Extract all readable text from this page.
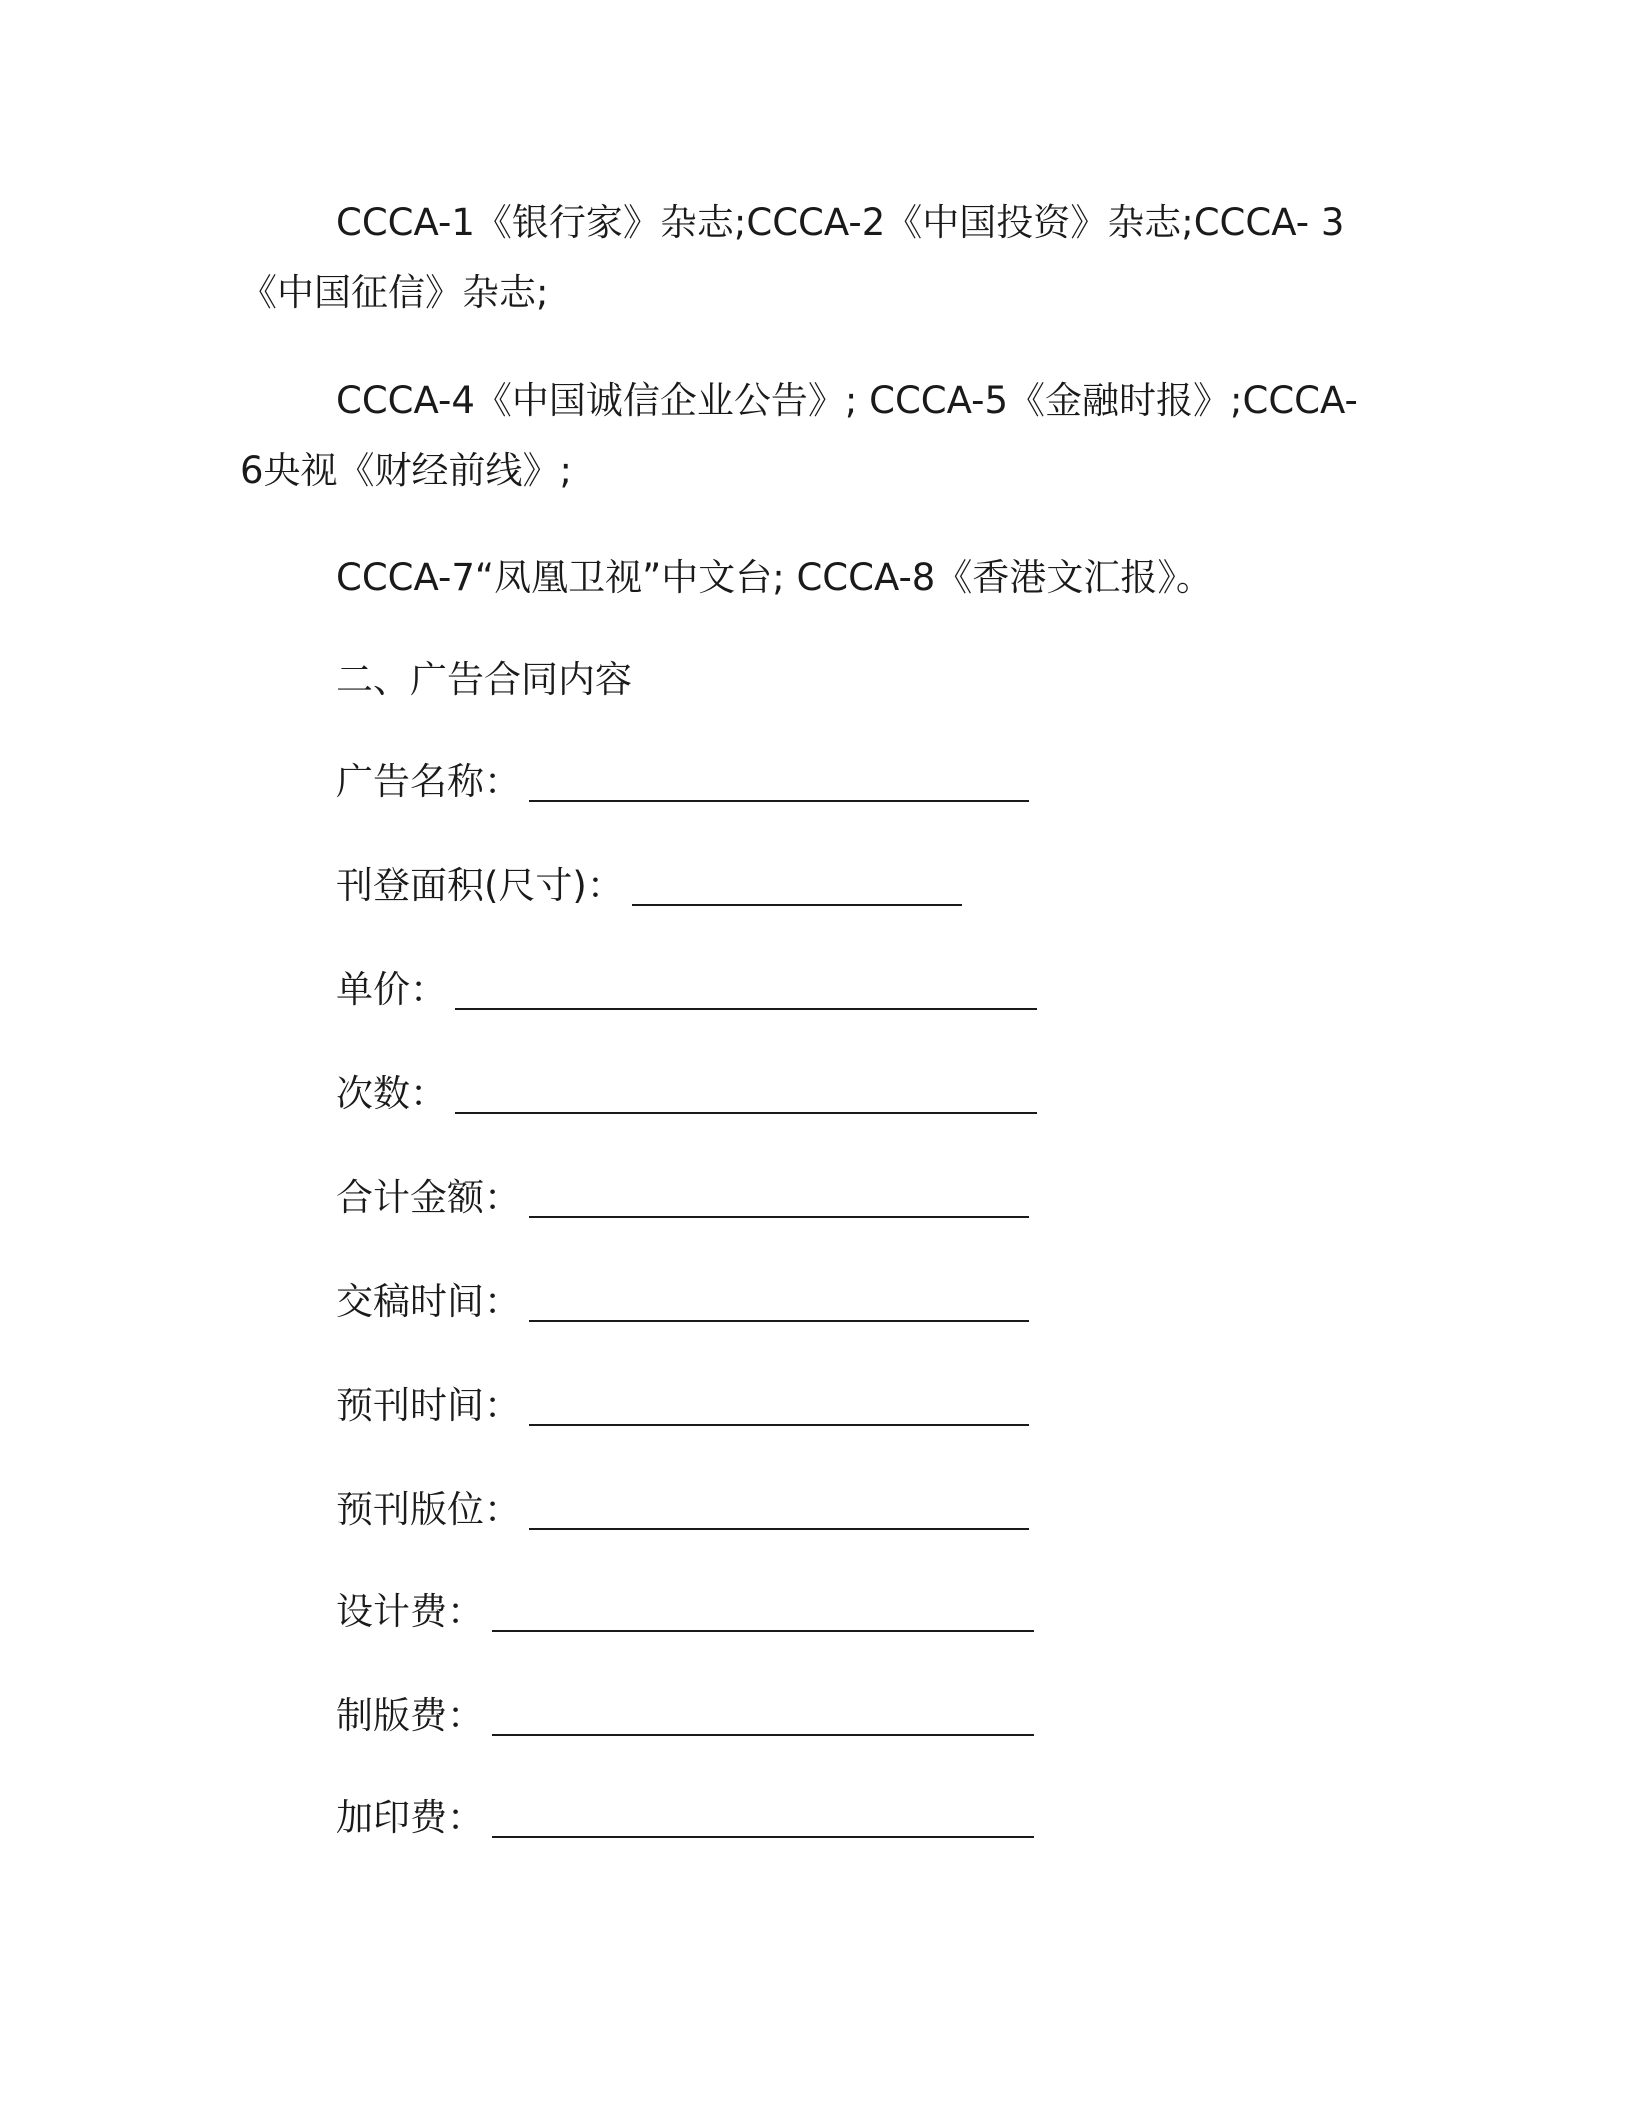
CCCA-1《银行家》杂志;CCCA-2《中国投资》杂志;CCCA- 3《中国征信》杂志;
CCCA-4《中国诚信企业公告》; CCCA-5《金融时报》;CCCA-6央视《财经前线》;
CCCA-7“凤凰卫视”中文台; CCCA-8《香港文汇报》。
二、广告合同内容
广告名称：
刊登面积(尺寸)：
单价：
次数：
合计金额：
交稿时间：
预刊时间：
预刊版位：
设计费：
制版费：
加印费：
